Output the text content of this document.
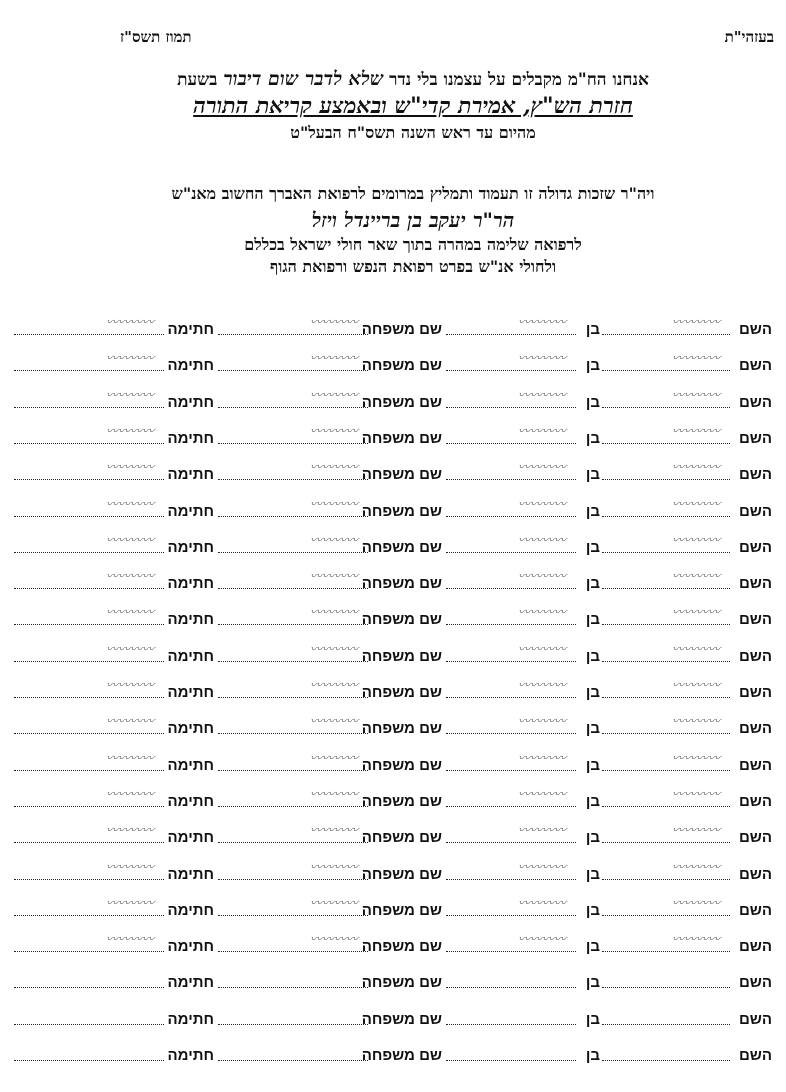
בעזהי"ת
תמוז תשס"ז
אנחנו הח"מ מקבלים על עצמנו בלי נדר שלא לדבר שום דיבור בשעת
חזרת הש"ץ, אמירת קדי"ש ובאמצע קריאת התורה
מהיום עד ראש השנה תשס"ח הבעל"ט
ויה"ר שזכות גדולה זו תעמוד ותמליץ במרומים לרפואת האברך החשוב מאנ"ש
הר"ר יעקב בן בריינדל ויזל
לרפואה שלימה במהרה בתוך שאר חולי ישראל בכללם
ולחולי אנ"ש בפרט רפואת הנפש ורפואת הגוף
השם
〰〰〰〰
בן
〰〰〰〰
שם משפחה
〰〰〰〰
חתימה
〰〰〰〰
השם
〰〰〰〰
בן
〰〰〰〰
שם משפחה
〰〰〰〰
חתימה
〰〰〰〰
השם
〰〰〰〰
בן
〰〰〰〰
שם משפחה
〰〰〰〰
חתימה
〰〰〰〰
השם
〰〰〰〰
בן
〰〰〰〰
שם משפחה
〰〰〰〰
חתימה
〰〰〰〰
השם
〰〰〰〰
בן
〰〰〰〰
שם משפחה
〰〰〰〰
חתימה
〰〰〰〰
השם
〰〰〰〰
בן
〰〰〰〰
שם משפחה
〰〰〰〰
חתימה
〰〰〰〰
השם
〰〰〰〰
בן
〰〰〰〰
שם משפחה
〰〰〰〰
חתימה
〰〰〰〰
השם
〰〰〰〰
בן
〰〰〰〰
שם משפחה
〰〰〰〰
חתימה
〰〰〰〰
השם
〰〰〰〰
בן
〰〰〰〰
שם משפחה
〰〰〰〰
חתימה
〰〰〰〰
השם
〰〰〰〰
בן
〰〰〰〰
שם משפחה
〰〰〰〰
חתימה
〰〰〰〰
השם
〰〰〰〰
בן
〰〰〰〰
שם משפחה
〰〰〰〰
חתימה
〰〰〰〰
השם
〰〰〰〰
בן
〰〰〰〰
שם משפחה
〰〰〰〰
חתימה
〰〰〰〰
השם
〰〰〰〰
בן
〰〰〰〰
שם משפחה
〰〰〰〰
חתימה
〰〰〰〰
השם
〰〰〰〰
בן
〰〰〰〰
שם משפחה
〰〰〰〰
חתימה
〰〰〰〰
השם
〰〰〰〰
בן
〰〰〰〰
שם משפחה
〰〰〰〰
חתימה
〰〰〰〰
השם
〰〰〰〰
בן
〰〰〰〰
שם משפחה
〰〰〰〰
חתימה
〰〰〰〰
השם
〰〰〰〰
בן
〰〰〰〰
שם משפחה
〰〰〰〰
חתימה
〰〰〰〰
השם
〰〰〰〰
בן
〰〰〰〰
שם משפחה
〰〰〰〰
חתימה
〰〰〰〰
השם
בן
שם משפחה
חתימה
השם
בן
שם משפחה
חתימה
השם
בן
שם משפחה
חתימה
